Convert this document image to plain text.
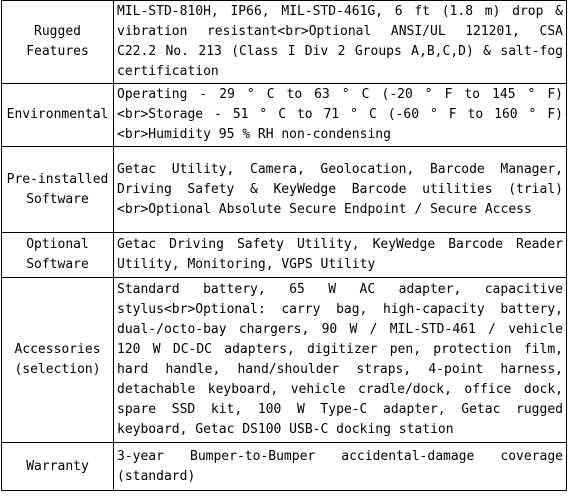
Rugged Features	MIL-STD-810H, IP66, MIL-STD-461G, 6 ft (1.8 m) drop & vibration resistant<br>Optional ANSI/UL 121201, CSA C22.2 No. 213 (Class I Div 2 Groups A,B,C,D) & salt-fog certification
Environmental	Operating - 29 ° C to 63 ° C (-20 ° F to 145 ° F)<br>Storage - 51 ° C to 71 ° C (-60 ° F to 160 ° F)<br>Humidity 95 % RH non-condensing
Pre-installed Software	Getac Utility, Camera, Geolocation, Barcode Manager, Driving Safety & KeyWedge Barcode utilities (trial)<br>Optional Absolute Secure Endpoint / Secure Access
Optional Software	Getac Driving Safety Utility, KeyWedge Barcode Reader Utility, Monitoring, VGPS Utility
Accessories (selection)	Standard battery, 65 W AC adapter, capacitive stylus<br>Optional: carry bag, high-capacity battery, dual-/octo-bay chargers, 90 W / MIL-STD-461 / vehicle 120 W DC-DC adapters, digitizer pen, protection film, hard handle, hand/shoulder straps, 4-point harness, detachable keyboard, vehicle cradle/dock, office dock, spare SSD kit, 100 W Type-C adapter, Getac rugged keyboard, Getac DS100 USB-C docking station
Warranty	3-year Bumper-to-Bumper accidental-damage coverage (standard)
